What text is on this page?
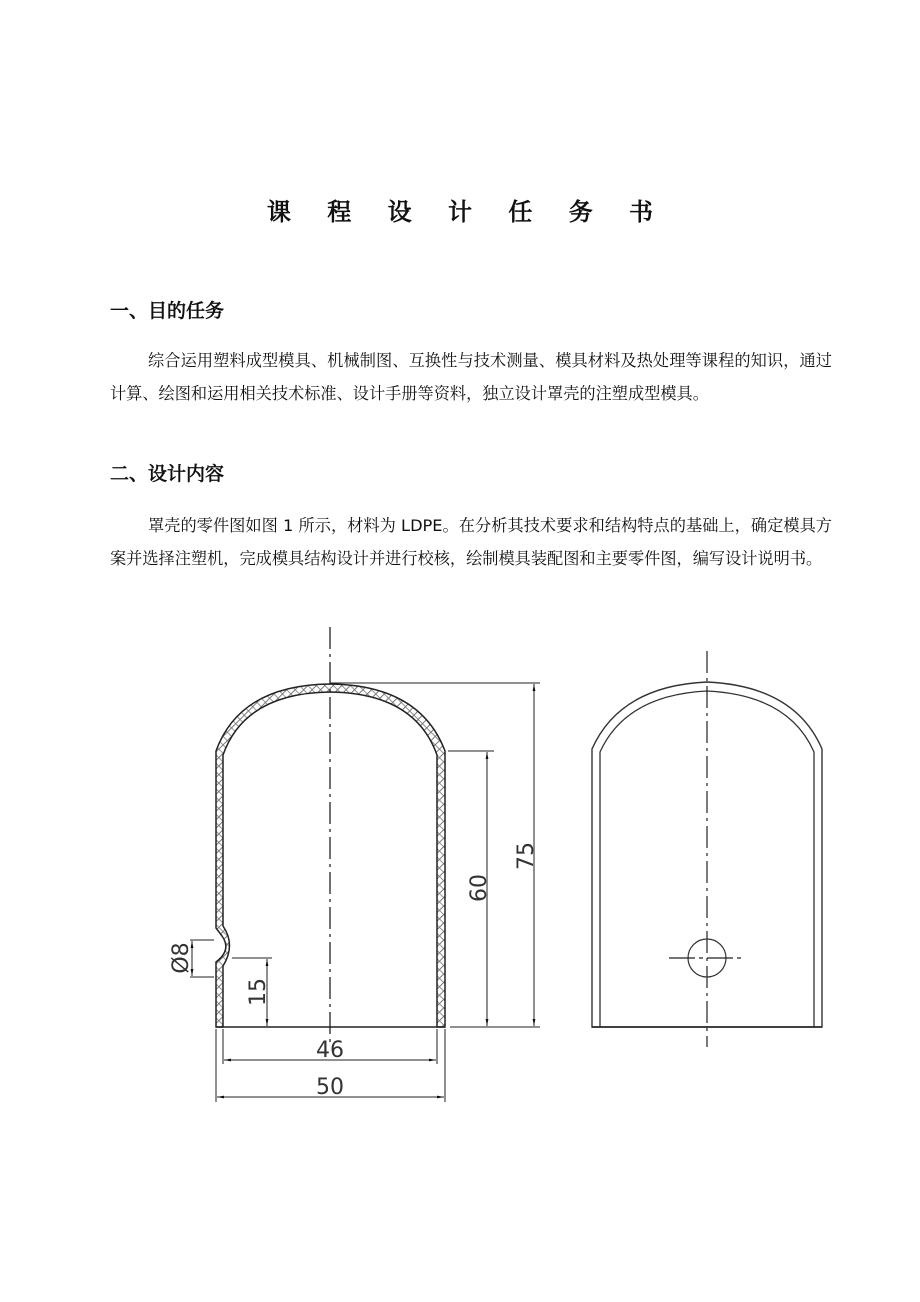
课 程 设 计 任 务 书
一、目的任务
综合运用塑料成型模具、机械制图、互换性与技术测量、模具材料及热处理等课程的知识，通过计算、绘图和运用相关技术标准、设计手册等资料，独立设计罩壳的注塑成型模具。
二、设计内容
罩壳的零件图如图 1 所示，材料为 LDPE。在分析其技术要求和结构特点的基础上，确定模具方案并选择注塑机，完成模具结构设计并进行校核，绘制模具装配图和主要零件图，编写设计说明书。
75
60
15
Ø8
46
50
